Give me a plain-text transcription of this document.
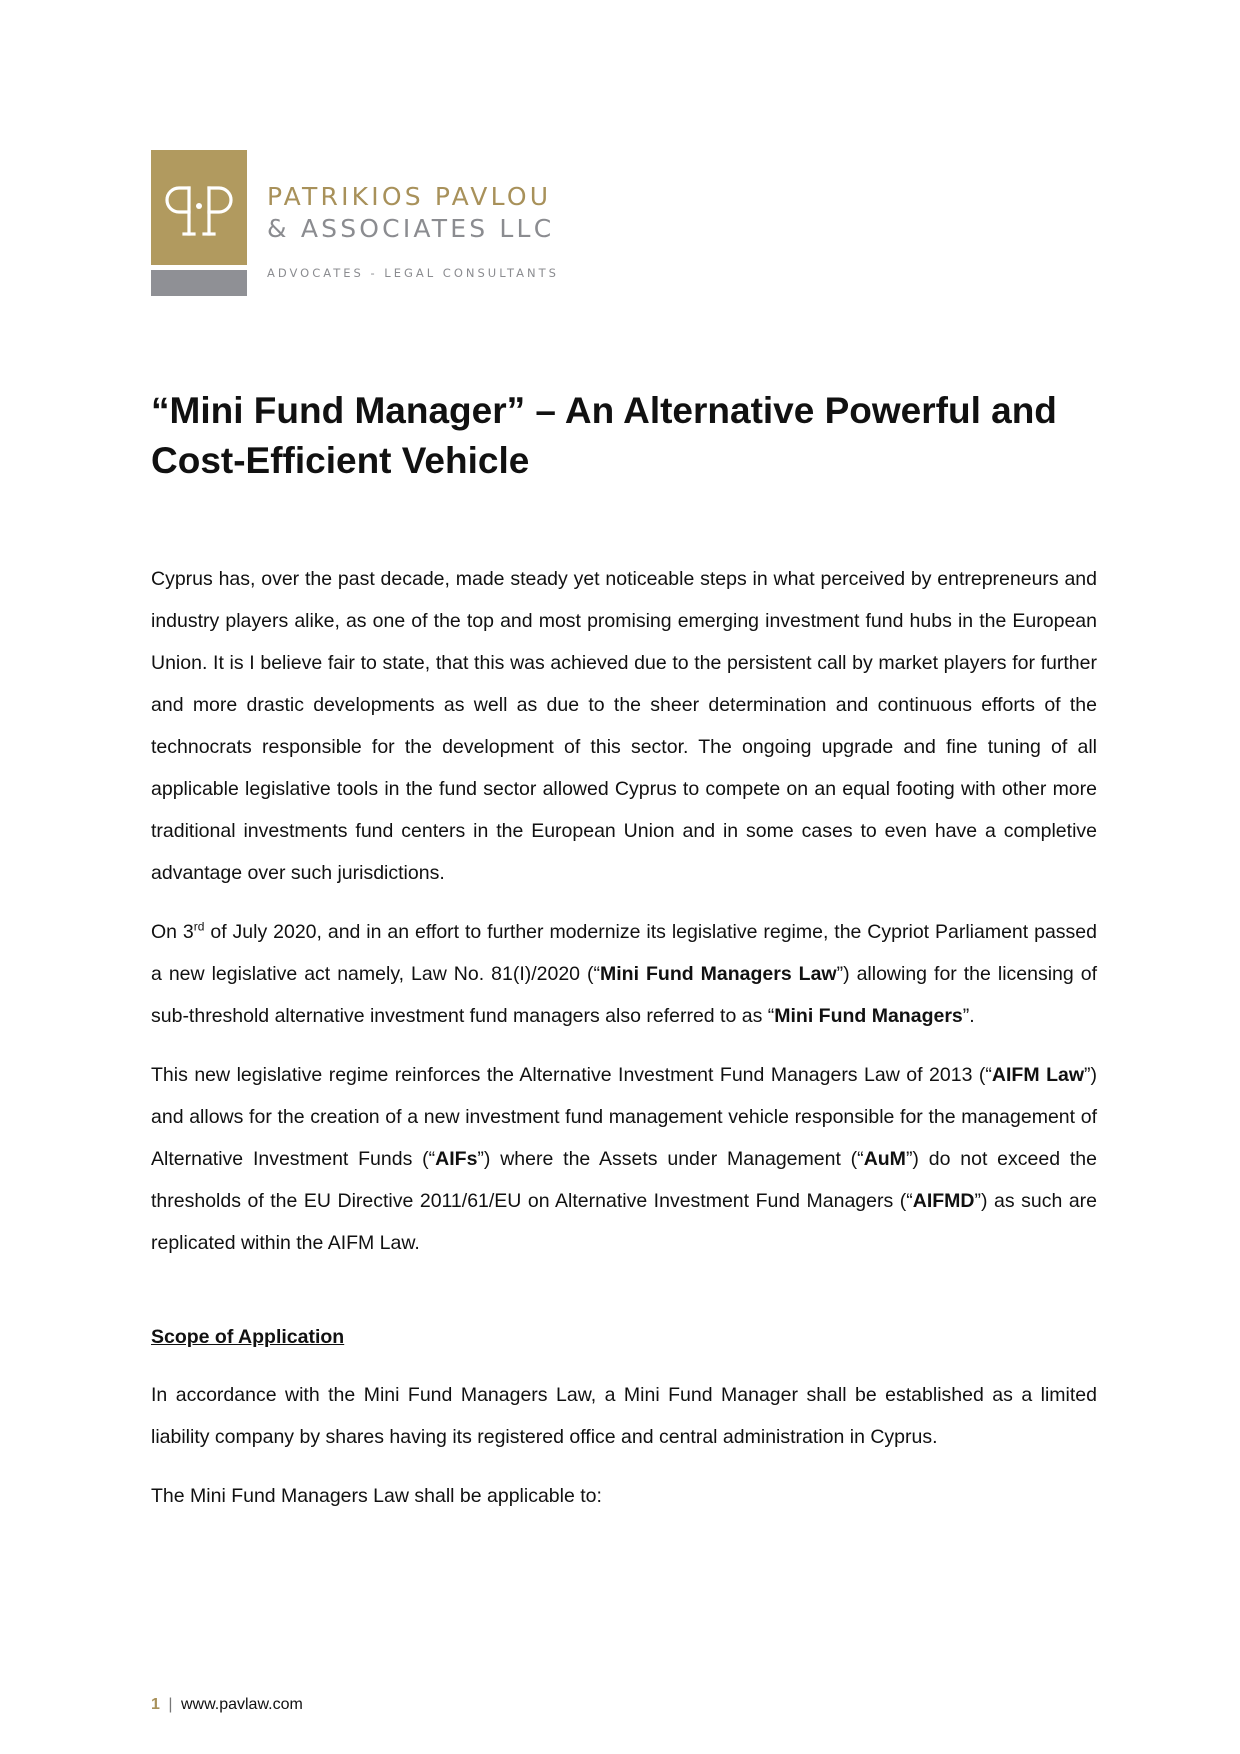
PATRIKIOS PAVLOU
& ASSOCIATES LLC
ADVOCATES - LEGAL CONSULTANTS
“Mini Fund Manager” – An Alternative Powerful and Cost-Efficient Vehicle

Cyprus has, over the past decade, made steady yet noticeable steps in what perceived by entrepreneurs and industry players alike, as one of the top and most promising emerging investment fund hubs in the European Union. It is I believe fair to state, that this was achieved due to the persistent call by market players for further and more drastic developments as well as due to the sheer determination and continuous efforts of the technocrats responsible for the development of this sector. The ongoing upgrade and fine tuning of all applicable legislative tools in the fund sector allowed Cyprus to compete on an equal footing with other more traditional investments fund centers in the European Union and in some cases to even have a completive advantage over such jurisdictions.

On 3rd of July 2020, and in an effort to further modernize its legislative regime, the Cypriot Parliament passed a new legislative act namely, Law No. 81(I)/2020 (“Mini Fund Managers Law”) allowing for the licensing of sub-threshold alternative investment fund managers also referred to as “Mini Fund Managers”.

This new legislative regime reinforces the Alternative Investment Fund Managers Law of 2013 (“AIFM Law”) and allows for the creation of a new investment fund management vehicle responsible for the management of Alternative Investment Funds (“AIFs”) where the Assets under Management (“AuM”) do not exceed the thresholds of the EU Directive 2011/61/EU on Alternative Investment Fund Managers (“AIFMD”) as such are replicated within the AIFM Law.

Scope of Application

In accordance with the Mini Fund Managers Law, a Mini Fund Manager shall be established as a limited liability company by shares having its registered office and central administration in Cyprus.

The Mini Fund Managers Law shall be applicable to:

1 | www.pavlaw.com
